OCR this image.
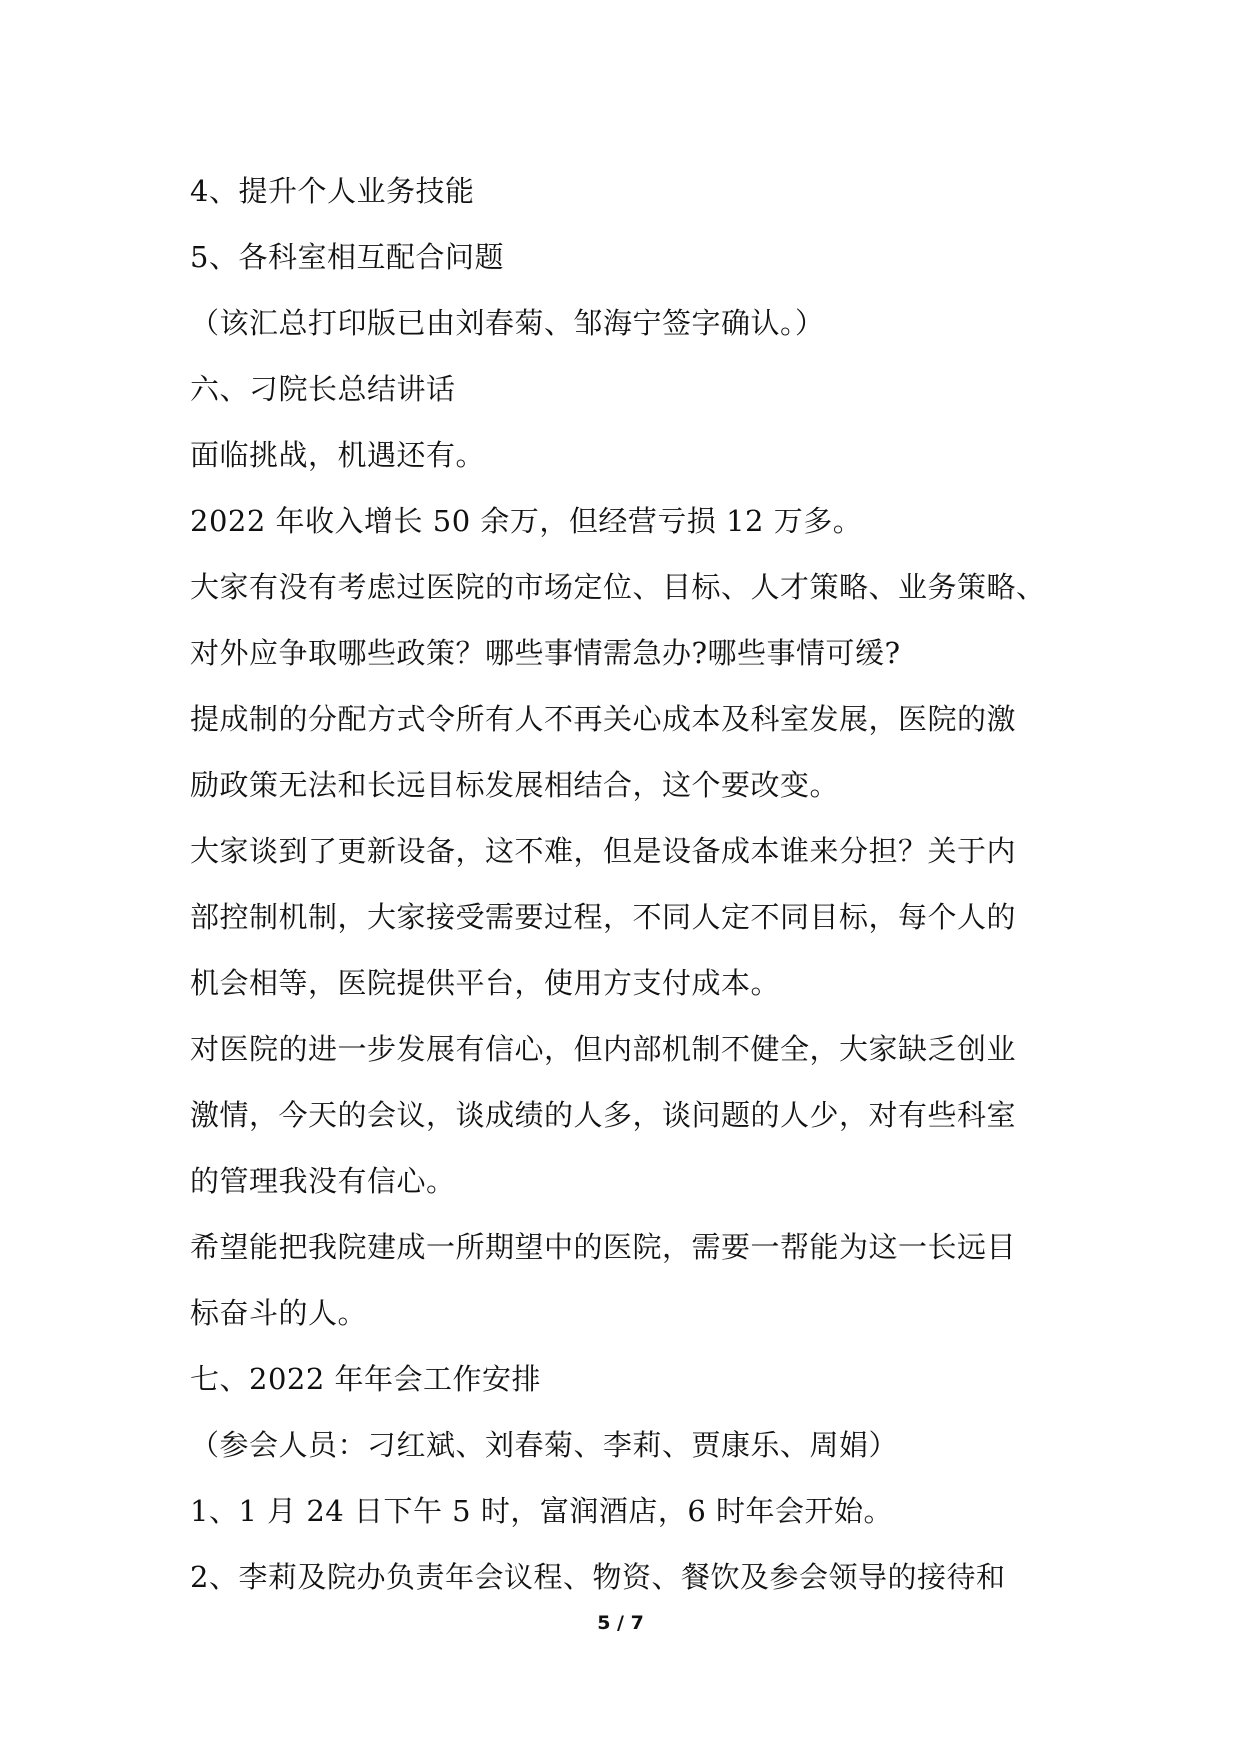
4、提升个人业务技能
5、各科室相互配合问题
（该汇总打印版已由刘春菊、邹海宁签字确认。）
六、刁院长总结讲话
面临挑战，机遇还有。
2022 年收入增长 50 余万，但经营亏损 12 万多。
大家有没有考虑过医院的市场定位、目标、人才策略、业务策略、
对外应争取哪些政策？哪些事情需急办?哪些事情可缓?
提成制的分配方式令所有人不再关心成本及科室发展，医院的激
励政策无法和长远目标发展相结合，这个要改变。
大家谈到了更新设备，这不难，但是设备成本谁来分担？关于内
部控制机制，大家接受需要过程，不同人定不同目标，每个人的
机会相等，医院提供平台，使用方支付成本。
对医院的进一步发展有信心，但内部机制不健全，大家缺乏创业
激情，今天的会议，谈成绩的人多，谈问题的人少，对有些科室
的管理我没有信心。
希望能把我院建成一所期望中的医院，需要一帮能为这一长远目
标奋斗的人。
七、2022 年年会工作安排
（参会人员：刁红斌、刘春菊、李莉、贾康乐、周娟）
1、1 月 24 日下午 5 时，富润酒店，6 时年会开始。
2、李莉及院办负责年会议程、物资、餐饮及参会领导的接待和
5 / 7
